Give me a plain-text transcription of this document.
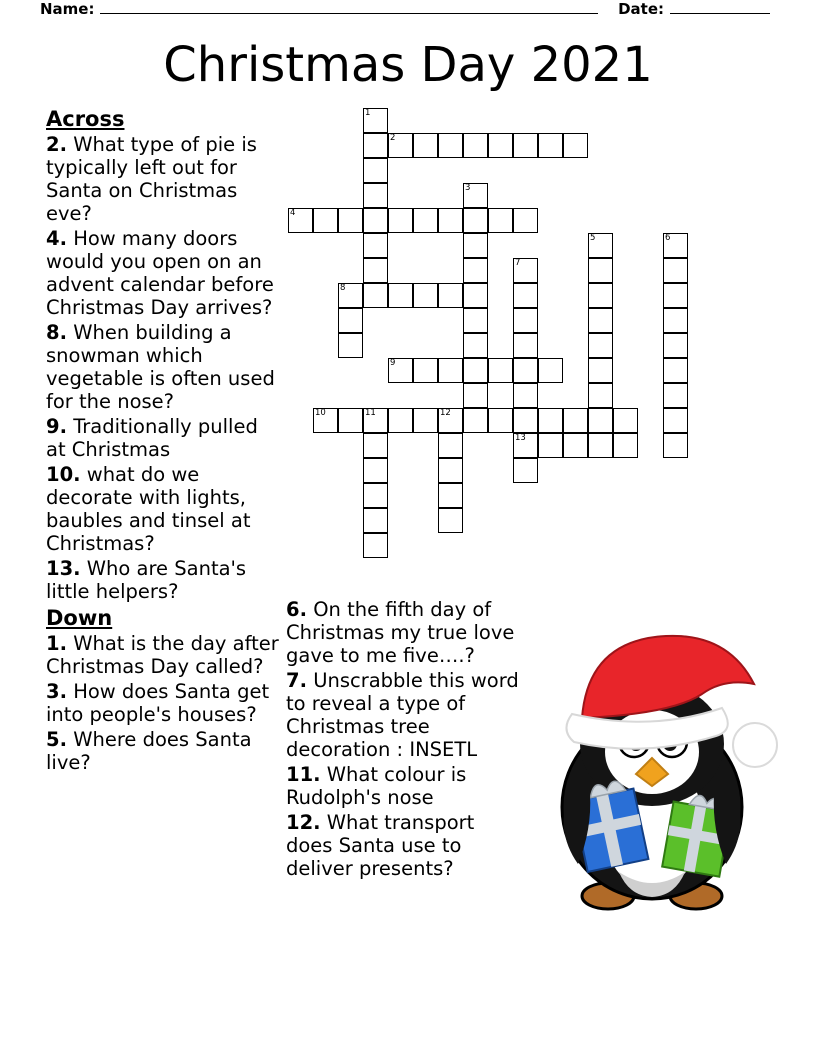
Name:	Date:
Christmas Day 2021
Across

2. What type of pie is typically left out for Santa on Christmas eve?

4. How many doors would you open on an advent calendar before Christmas Day arrives?

8. When building a snowman which vegetable is often used for the nose?

9. Traditionally pulled at Christmas

10. what do we decorate with lights, baubles and tinsel at Christmas?

13. Who are Santa's little helpers?

Down

1. What is the day after Christmas Day called?

3. How does Santa get into people's houses?

5. Where does Santa live?

6. On the fifth day of Christmas my true love gave to me five….?

7. Unscrabble this word to reveal a type of Christmas tree decoration : INSETL

11. What colour is Rudolph's nose

12. What transport does Santa use to deliver presents?

1
2
3
4
5	6
7
8
9
10	11	12
13
